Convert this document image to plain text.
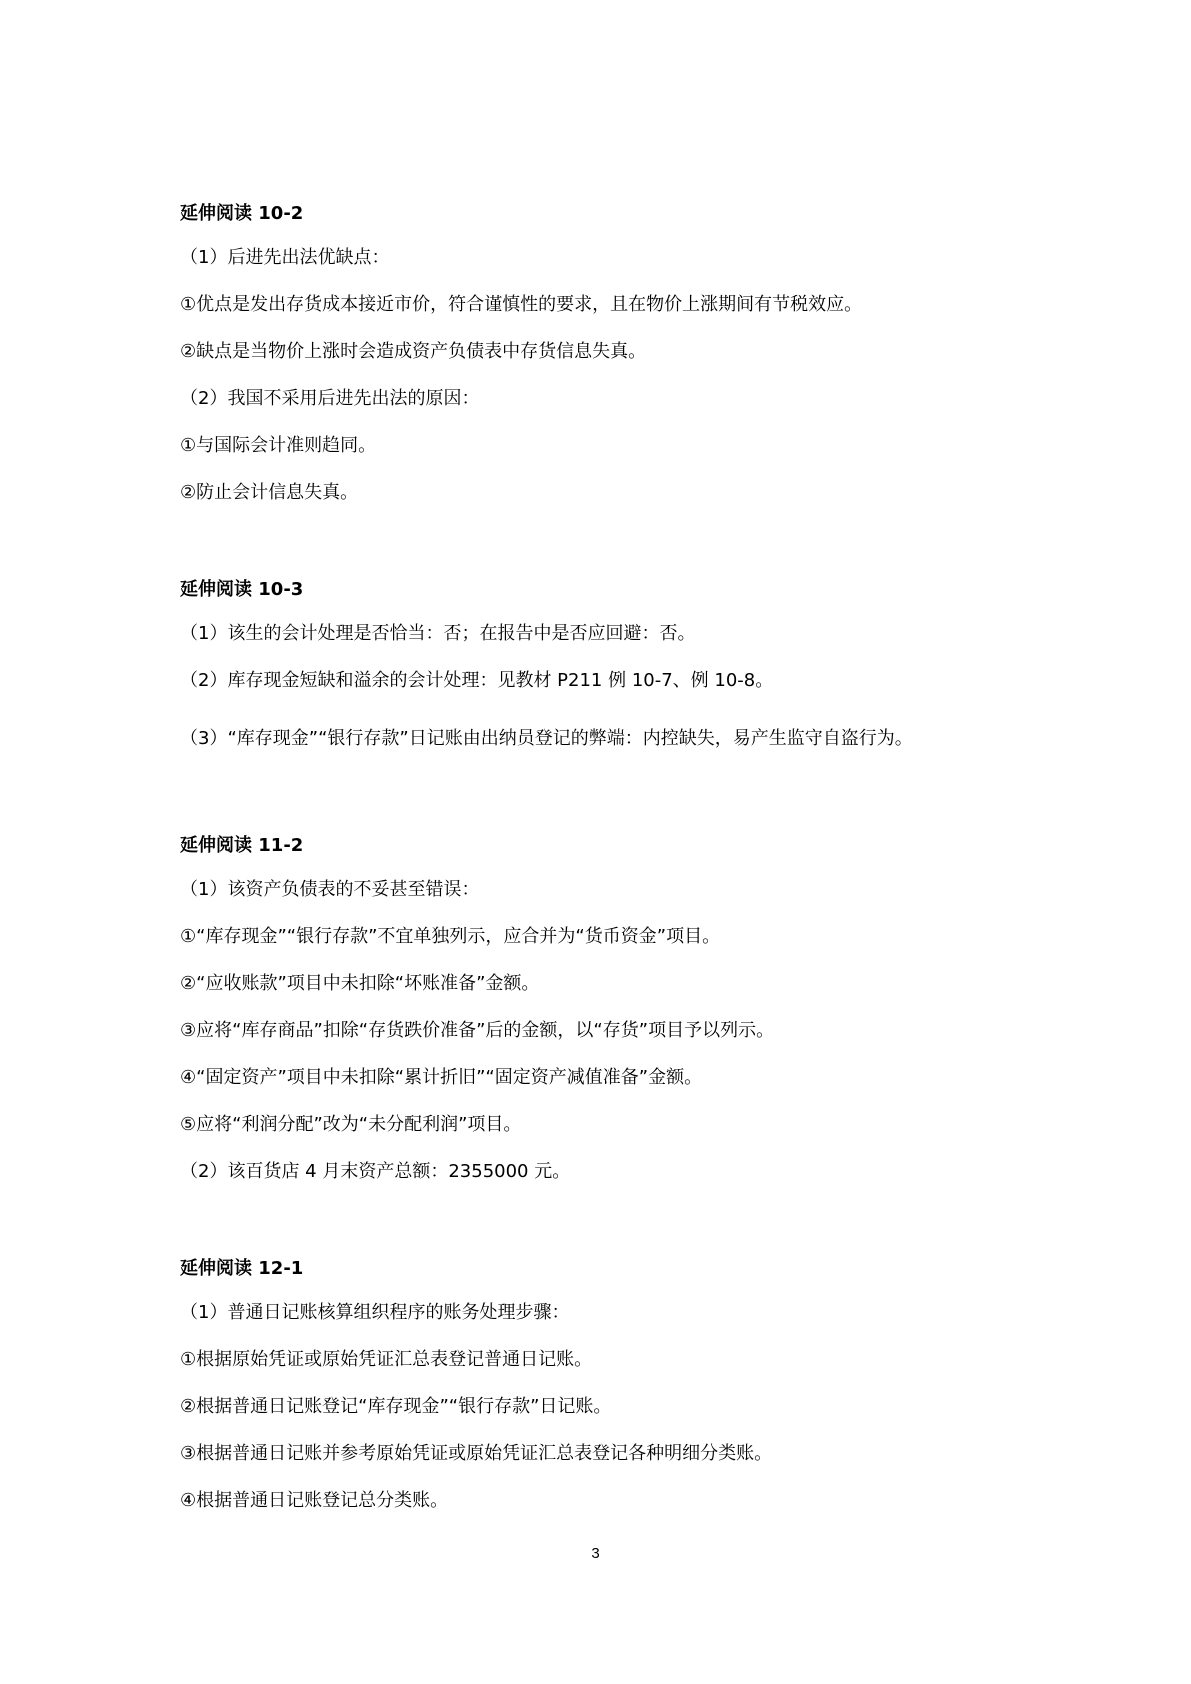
延伸阅读 10-2
（1）后进先出法优缺点：
①优点是发出存货成本接近市价，符合谨慎性的要求，且在物价上涨期间有节税效应。
②缺点是当物价上涨时会造成资产负债表中存货信息失真。
（2）我国不采用后进先出法的原因：
①与国际会计准则趋同。
②防止会计信息失真。
延伸阅读 10-3
（1）该生的会计处理是否恰当：否；在报告中是否应回避：否。
（2）库存现金短缺和溢余的会计处理：见教材 P211 例 10-7、例 10-8。
（3）“库存现金”“银行存款”日记账由出纳员登记的弊端：内控缺失，易产生监守自盗行为。
延伸阅读 11-2
（1）该资产负债表的不妥甚至错误：
①“库存现金”“银行存款”不宜单独列示，应合并为“货币资金”项目。
②“应收账款”项目中未扣除“坏账准备”金额。
③应将“库存商品”扣除“存货跌价准备”后的金额，以“存货”项目予以列示。
④“固定资产”项目中未扣除“累计折旧”“固定资产减值准备”金额。
⑤应将“利润分配”改为“未分配利润”项目。
（2）该百货店 4 月末资产总额：2355000 元。
延伸阅读 12-1
（1）普通日记账核算组织程序的账务处理步骤：
①根据原始凭证或原始凭证汇总表登记普通日记账。
②根据普通日记账登记“库存现金”“银行存款”日记账。
③根据普通日记账并参考原始凭证或原始凭证汇总表登记各种明细分类账。
④根据普通日记账登记总分类账。
3
